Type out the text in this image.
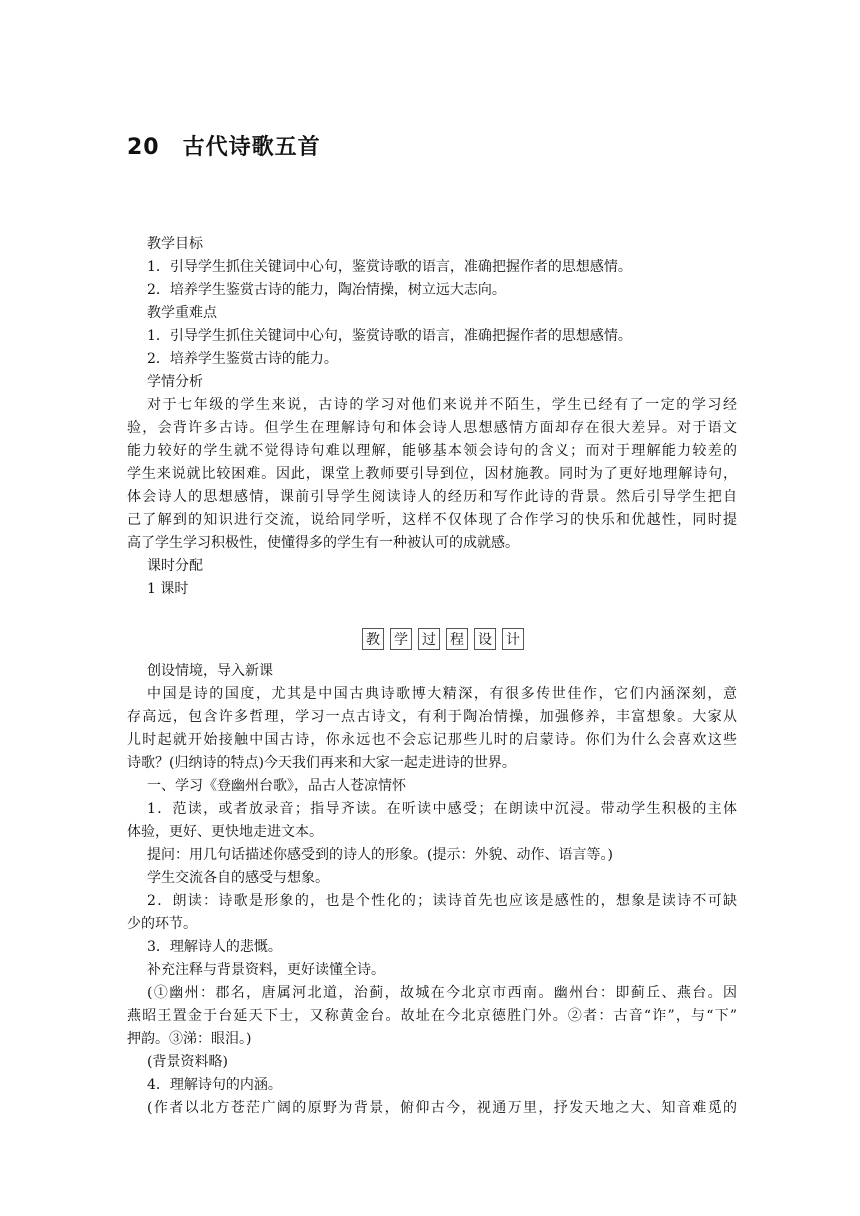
20　古代诗歌五首
教学目标
1．引导学生抓住关键词中心句，鉴赏诗歌的语言，准确把握作者的思想感情。
2．培养学生鉴赏古诗的能力，陶冶情操，树立远大志向。
教学重难点
1．引导学生抓住关键词中心句，鉴赏诗歌的语言，准确把握作者的思想感情。
2．培养学生鉴赏古诗的能力。
学情分析
对于七年级的学生来说，古诗的学习对他们来说并不陌生，学生已经有了一定的学习经
验，会背许多古诗。但学生在理解诗句和体会诗人思想感情方面却存在很大差异。对于语文
能力较好的学生就不觉得诗句难以理解，能够基本领会诗句的含义；而对于理解能力较差的
学生来说就比较困难。因此，课堂上教师要引导到位，因材施教。同时为了更好地理解诗句，
体会诗人的思想感情，课前引导学生阅读诗人的经历和写作此诗的背景。然后引导学生把自
己了解到的知识进行交流，说给同学听，这样不仅体现了合作学习的快乐和优越性，同时提
高了学生学习积极性，使懂得多的学生有一种被认可的成就感。
课时分配
1 课时
教 学 过 程 设 计
创设情境，导入新课
中国是诗的国度，尤其是中国古典诗歌博大精深，有很多传世佳作，它们内涵深刻，意
存高远，包含许多哲理，学习一点古诗文，有利于陶冶情操，加强修养，丰富想象。大家从
儿时起就开始接触中国古诗，你永远也不会忘记那些儿时的启蒙诗。你们为什么会喜欢这些
诗歌？(归纳诗的特点)今天我们再来和大家一起走进诗的世界。
一、学习《登幽州台歌》，品古人苍凉情怀
1．范读，或者放录音；指导齐读。在听读中感受；在朗读中沉浸。带动学生积极的主体
体验，更好、更快地走进文本。
提问：用几句话描述你感受到的诗人的形象。(提示：外貌、动作、语言等。)
学生交流各自的感受与想象。
2．朗读：诗歌是形象的，也是个性化的；读诗首先也应该是感性的，想象是读诗不可缺
少的环节。
3．理解诗人的悲慨。
补充注释与背景资料，更好读懂全诗。
(①幽州：郡名，唐属河北道，治蓟，故城在今北京市西南。幽州台：即蓟丘、燕台。因
燕昭王置金于台延天下士，又称黄金台。故址在今北京德胜门外。②者：古音“诈”，与“下”
押韵。③涕：眼泪。)
(背景资料略)
4．理解诗句的内涵。
(作者以北方苍茫广阔的原野为背景，俯仰古今，视通万里，抒发天地之大、知音难觅的
